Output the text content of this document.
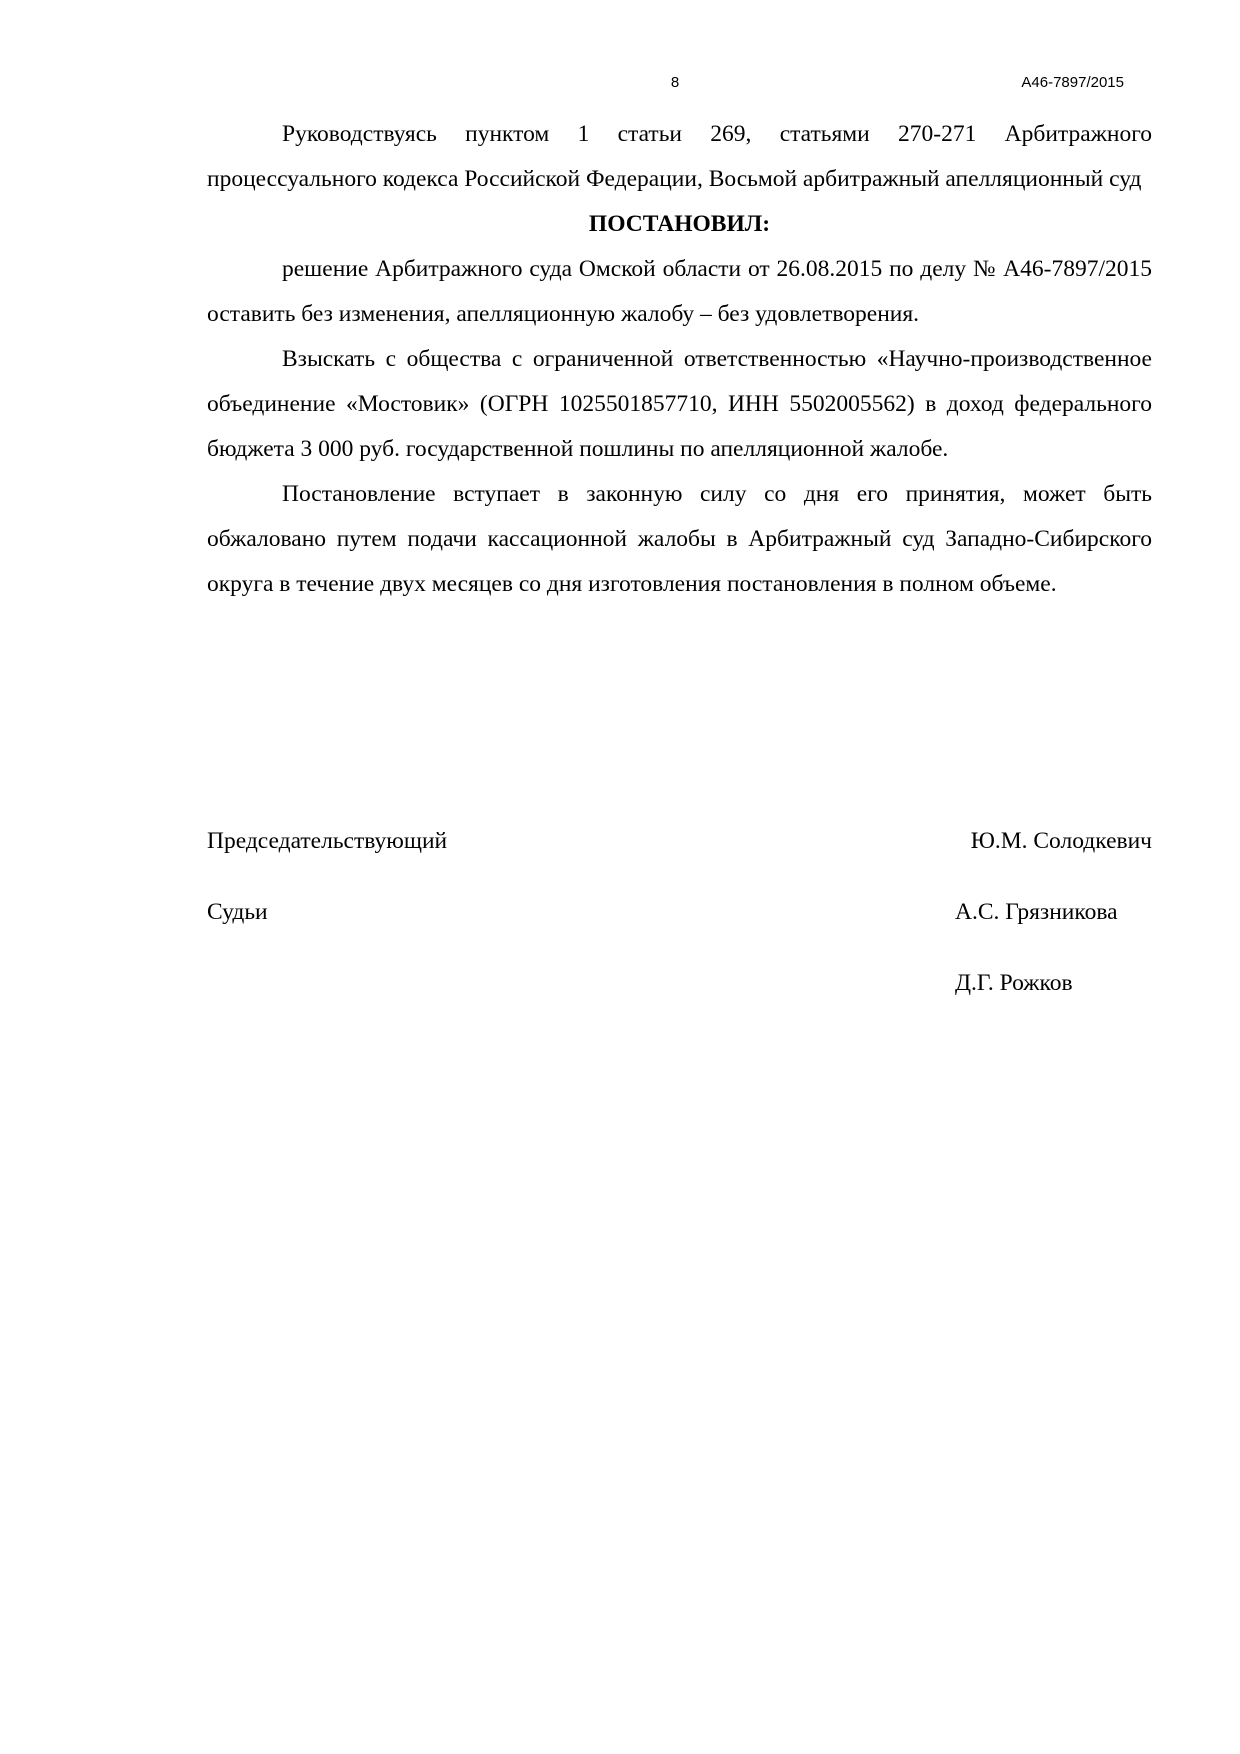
8	А46-7897/2015

Руководствуясь пунктом 1 статьи 269, статьями 270-271 Арбитражного процессуального кодекса Российской Федерации, Восьмой арбитражный апелляционный суд

ПОСТАНОВИЛ:

решение Арбитражного суда Омской области от 26.08.2015 по делу № А46-7897/2015 оставить без изменения, апелляционную жалобу – без удовлетворения.

Взыскать с общества с ограниченной ответственностью «Научно-производственное объединение «Мостовик» (ОГРН 1025501857710, ИНН 5502005562) в доход федерального бюджета 3 000 руб. государственной пошлины по апелляционной жалобе.

Постановление вступает в законную силу со дня его принятия, может быть обжаловано путем подачи кассационной жалобы в Арбитражный суд Западно-Сибирского округа в течение двух месяцев со дня изготовления постановления в полном объеме.

Председательствующий	Ю.М. Солодкевич
Судьи	А.С. Грязникова
Д.Г. Рожков
